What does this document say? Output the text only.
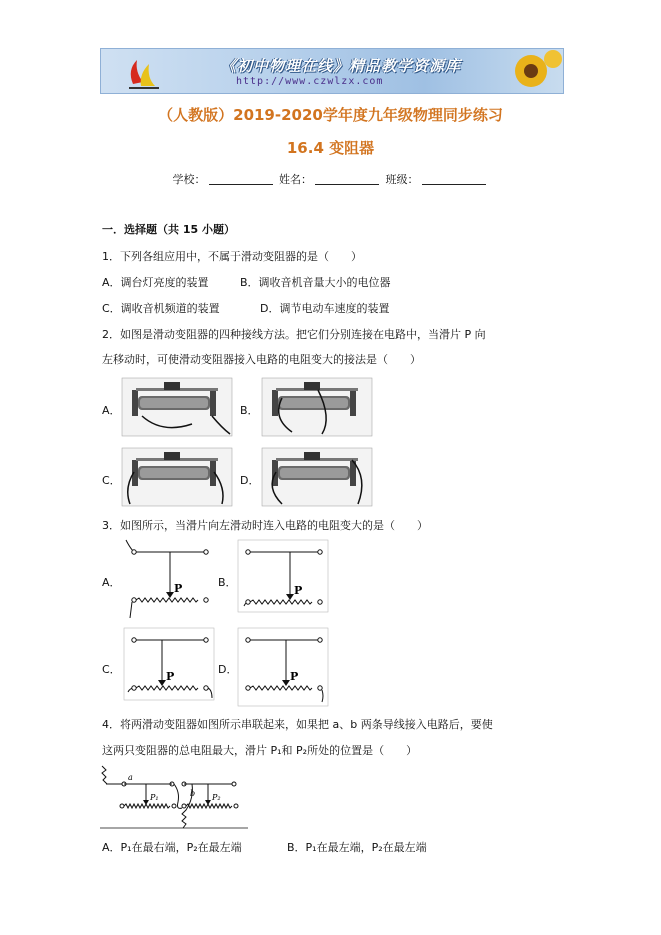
《初中物理在线》精品教学资源库
http://www.czwlzx.com
（人教版）2019-2020学年度九年级物理同步练习
16.4 变阻器
学校：	姓名：	班级：
一．选择题（共 15 小题）
1．下列各组应用中，不属于滑动变阻器的是（　　）
A．调台灯亮度的装置	B．调收音机音量大小的电位器
C．调收音机频道的装置	D．调节电动车速度的装置
2．如图是滑动变阻器的四种接线方法。把它们分别连接在电路中，当滑片 P 向
左移动时，可使滑动变阻器接入电路的电阻变大的接法是（　　）
A．	B．
C．	D．
3．如图所示，当滑片向左滑动时连入电路的电阻变大的是（　　）
A．	B．
C．	D．
P	P
P	P
4．将两滑动变阻器如图所示串联起来，如果把 a、b 两条导线接入电路后，要使
这两只变阻器的总电阻最大，滑片 P₁和 P₂所处的位置是（　　）
a
P₁	P₂
b
A．P₁在最右端，P₂在最左端	B．P₁在最左端，P₂在最左端
